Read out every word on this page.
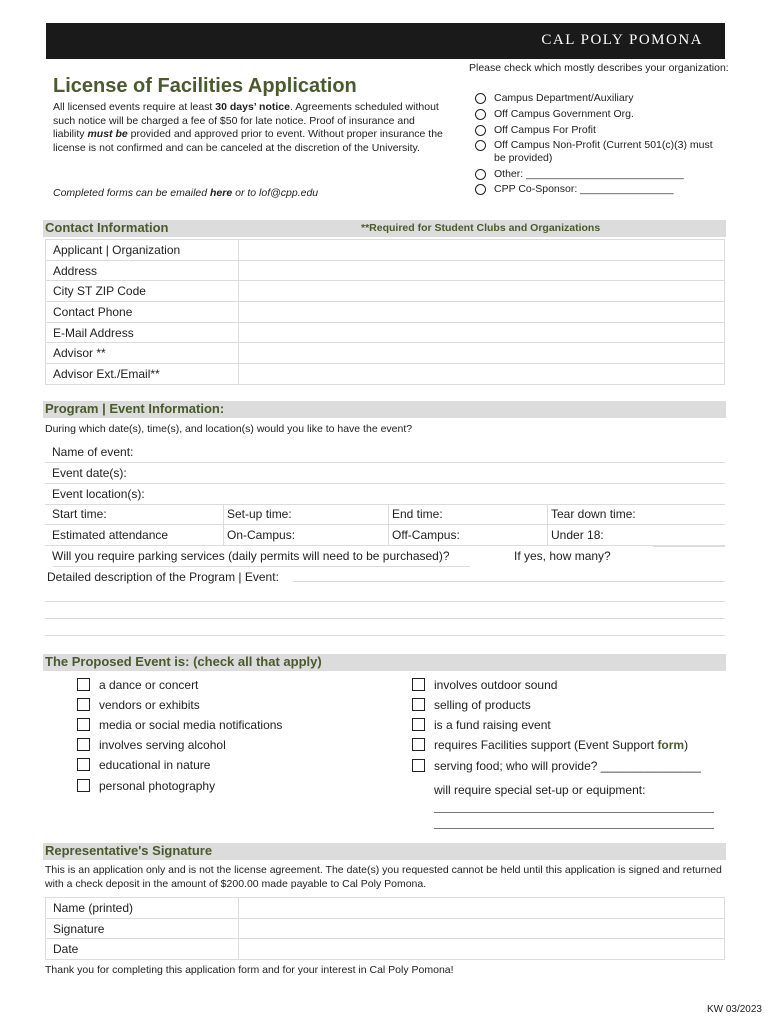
CAL POLY POMONA
License of Facilities Application
All licensed events require at least 30 days’ notice. Agreements scheduled without such notice will be charged a fee of $50 for late notice. Proof of insurance and liability must be provided and approved prior to event. Without proper insurance the license is not confirmed and can be canceled at the discretion of the University.
Completed forms can be emailed here or to lof@cpp.edu
Please check which mostly describes your organization:
Campus Department/Auxiliary
Off Campus Government Org.
Off Campus For Profit
Off Campus Non-Profit (Current 501(c)(3) must be provided)
Other: ___________________________
CPP Co-Sponsor: ________________
Contact Information	**Required for Student Clubs and Organizations
Applicant | Organization	
Address	
City ST ZIP Code	
Contact Phone	
E-Mail Address	
Advisor **	
Advisor Ext./Email**	
Program | Event Information:
During which date(s), time(s), and location(s) would you like to have the event?
Name of event:
Event date(s):
Event location(s):
Start time:	Set-up time:	End time:	Tear down time:
Estimated attendance	On-Campus:	Off-Campus:	Under 18:
Will you require parking services (daily permits will need to be purchased)?	If yes, how many?
Detailed description of the Program | Event:
The Proposed Event is: (check all that apply)
a dance or concert
vendors or exhibits
media or social media notifications
involves serving alcohol
educational in nature
personal photography
involves outdoor sound
selling of products
is a fund raising event
requires Facilities support (Event Support form)
serving food; who will provide? _______________
will require special set-up or equipment:
Representative's Signature
This is an application only and is not the license agreement. The date(s) you requested cannot be held until this application is signed and returned with a check deposit in the amount of $200.00 made payable to Cal Poly Pomona.
Name (printed)	
Signature	
Date	
Thank you for completing this application form and for your interest in Cal Poly Pomona!
KW 03/2023
